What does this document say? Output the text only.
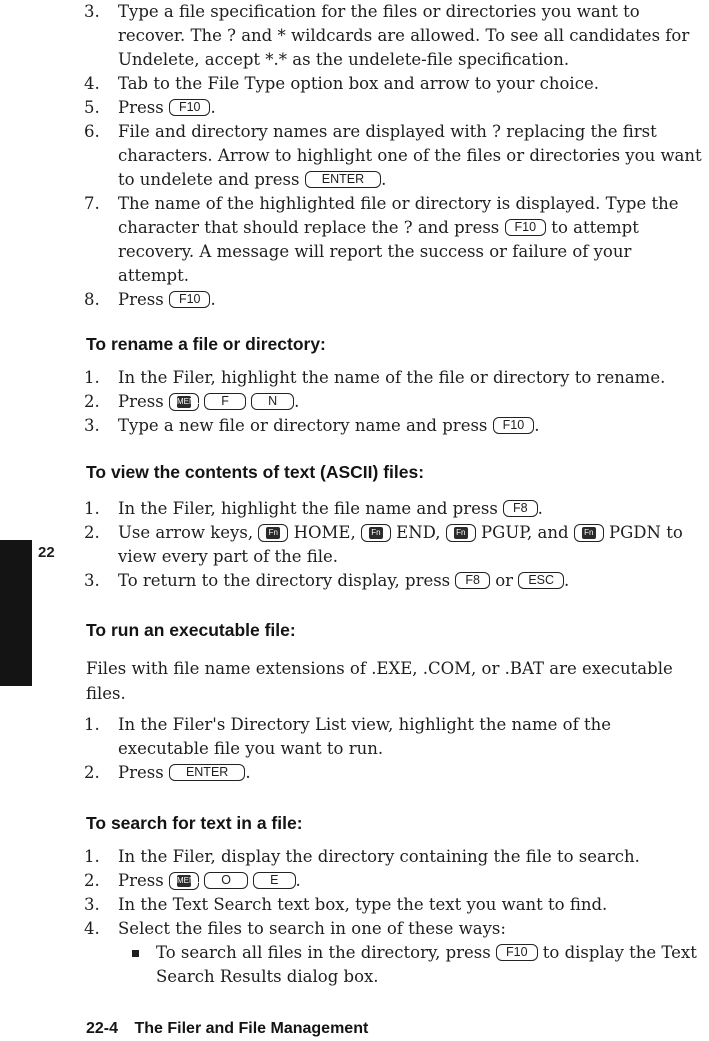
3. Type a file specification for the files or directories you want to recover. The ? and * wildcards are allowed. To see all candidates for Undelete, accept *.* as the undelete-file specification.
4. Tab to the File Type option box and arrow to your choice.
5. Press F10 .
6. File and directory names are displayed with ? replacing the first characters. Arrow to highlight one of the files or directories you want to undelete and press ENTER .
7. The name of the highlighted file or directory is displayed. Type the character that should replace the ? and press F10 to attempt recovery. A message will report the success or failure of your attempt.
8. Press F10 .
To rename a file or directory:
1. In the Filer, highlight the name of the file or directory to rename.
2. Press MENU F	N .
3. Type a new file or directory name and press F10 .
To view the contents of text (ASCII) files:
1. In the Filer, highlight the file name and press F8 .
2. Use arrow keys, Fn HOME, Fn END, Fn PGUP, and Fn PGDN to view every part of the file.
3. To return to the directory display, press F8 or ESC .
To run an executable file:

Files with file name extensions of .EXE, .COM, or .BAT are executable files.

1. In the Filer's Directory List view, highlight the name of the executable file you want to run.
2. Press ENTER .
To search for text in a file:
1. In the Filer, display the directory containing the file to search.
2. Press MENU O	E .
3. In the Text Search text box, type the text you want to find.
4. Select the files to search in one of these ways:
To search all files in the directory, press F10 to display the Text Search Results dialog box.
22
22-4 The Filer and File Management
